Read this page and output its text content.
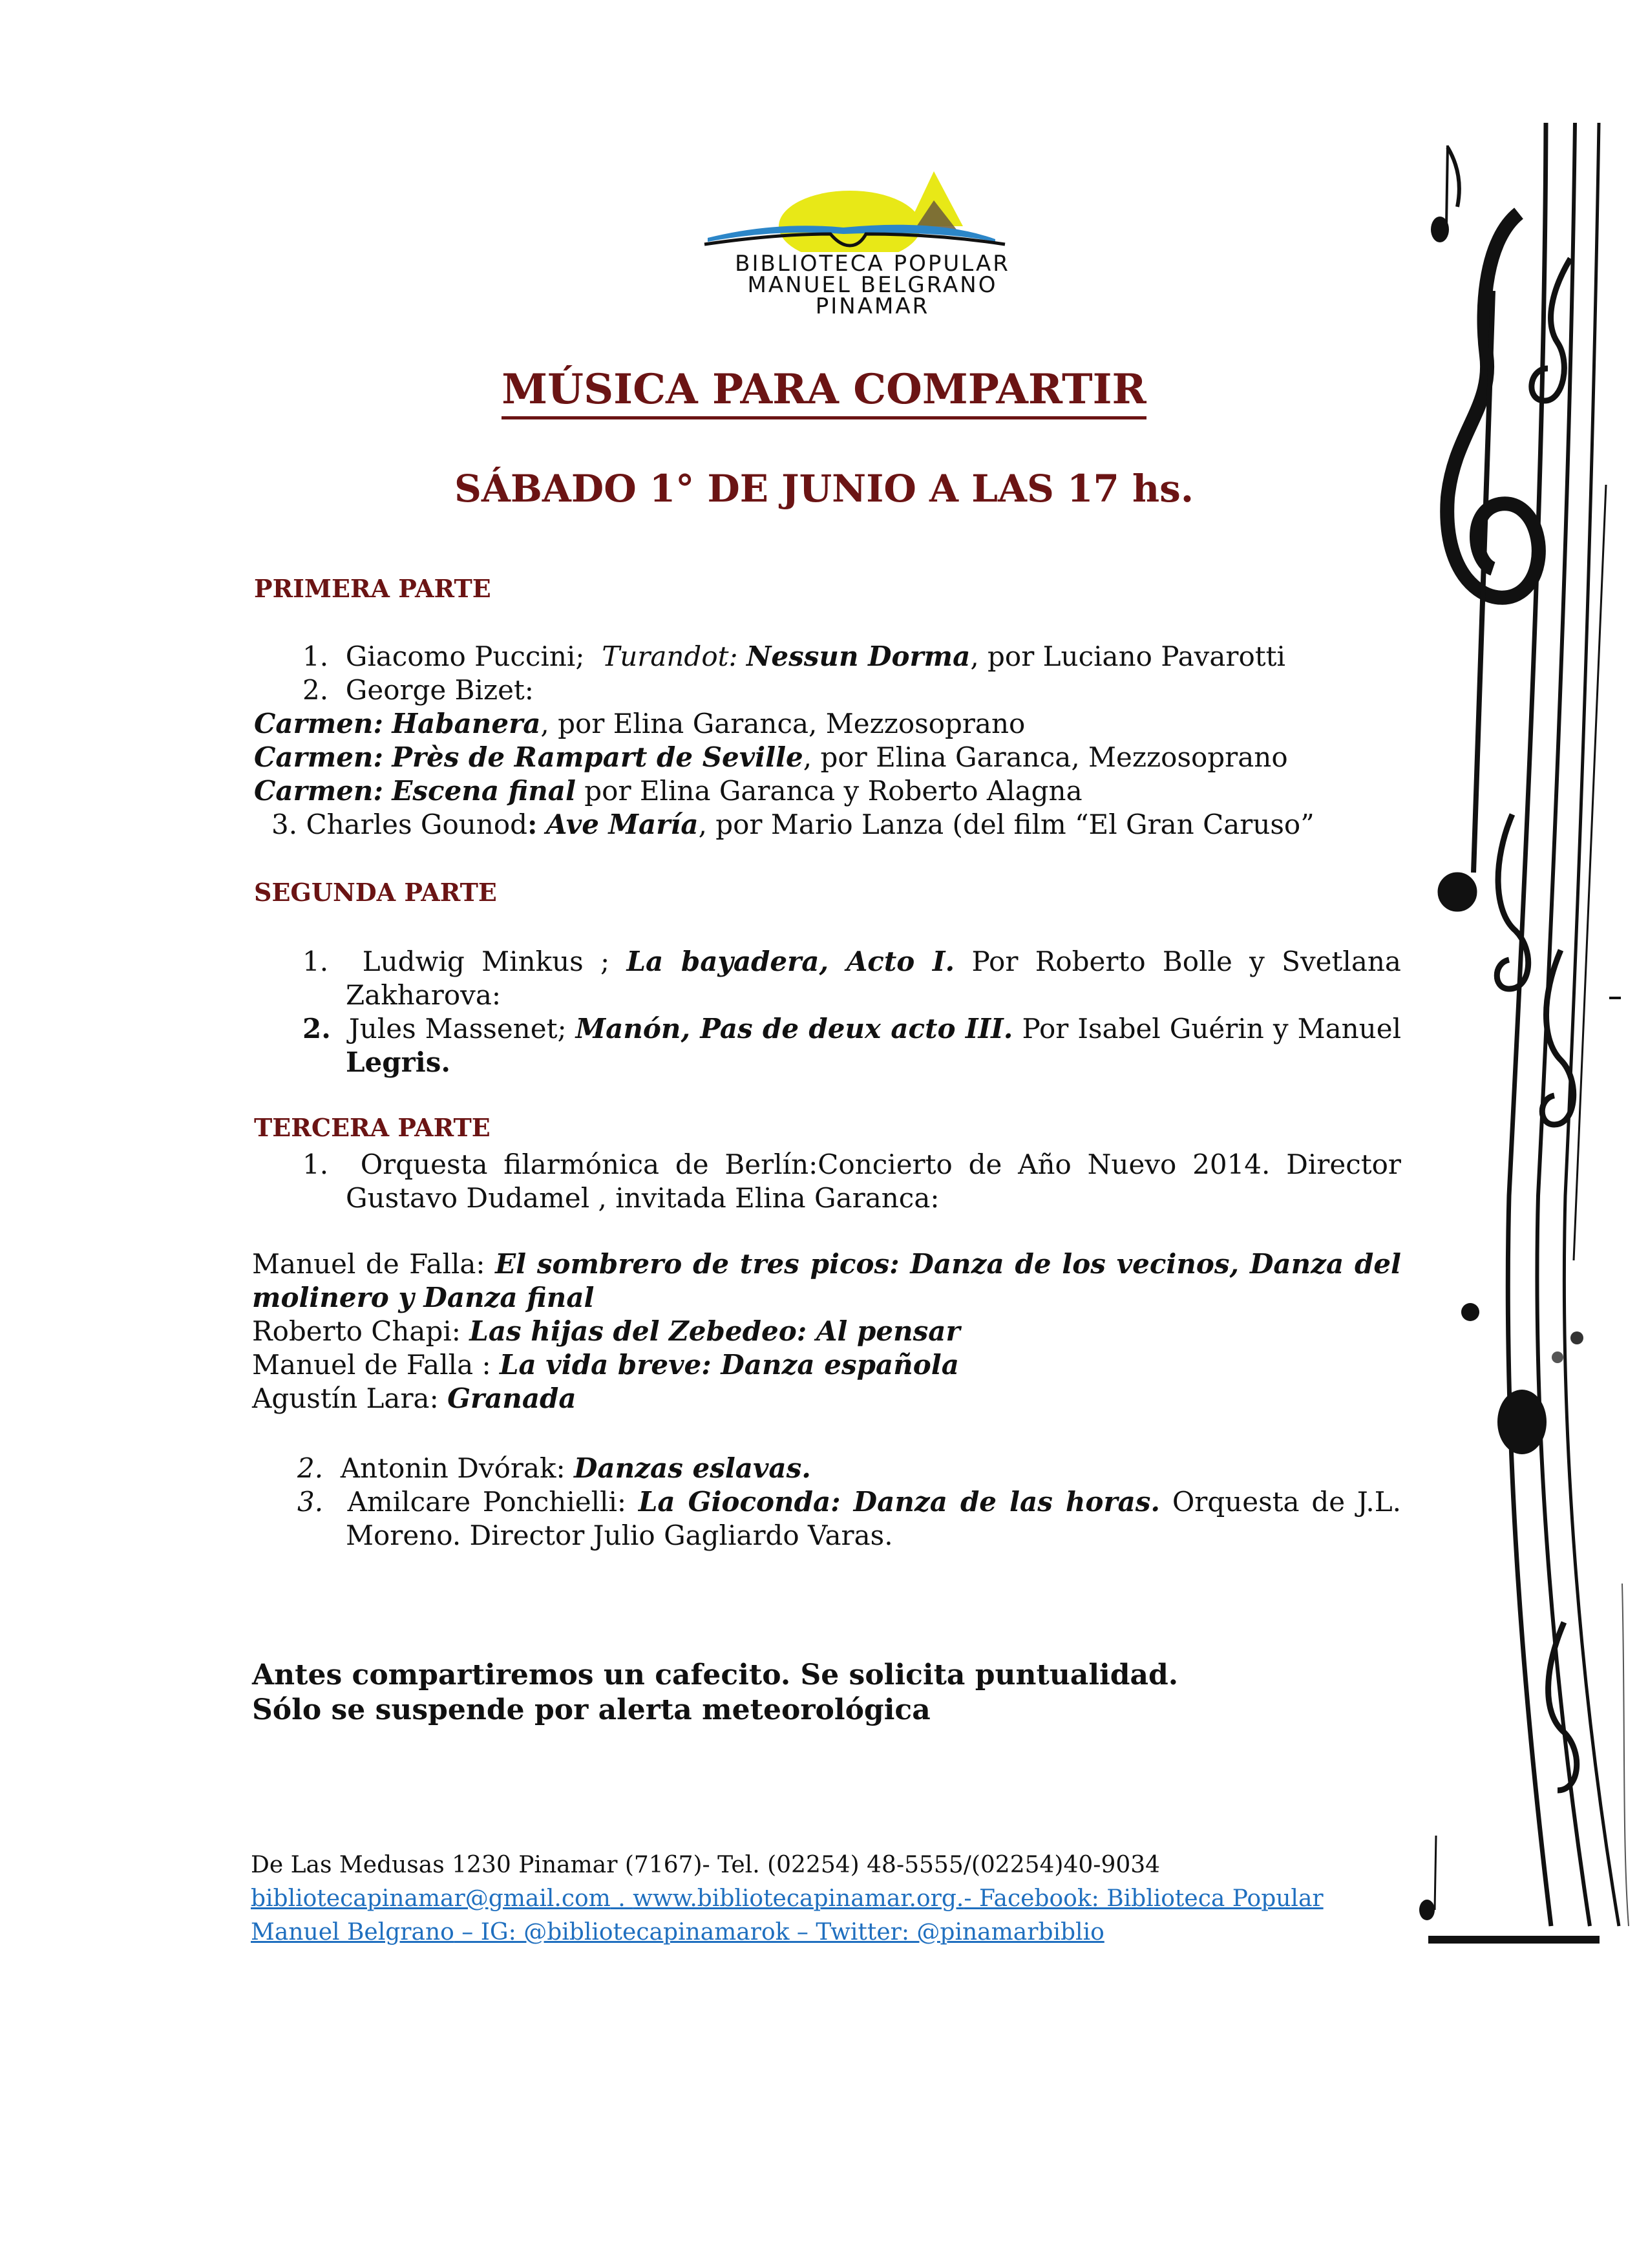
BIBLIOTECA POPULAR
MANUEL BELGRANO
PINAMAR
MÚSICA PARA COMPARTIR
SÁBADO 1° DE JUNIO A LAS 17 hs.
PRIMERA PARTE
1. Giacomo Puccini; Turandot: Nessun Dorma, por Luciano Pavarotti
2. George Bizet:
Carmen: Habanera, por Elina Garanca, Mezzosoprano
Carmen: Près de Rampart de Seville, por Elina Garanca, Mezzosoprano
Carmen: Escena final por Elina Garanca y Roberto Alagna
3. Charles Gounod: Ave María, por Mario Lanza (del film “El Gran Caruso”
SEGUNDA PARTE
1. Ludwig Minkus ; La bayadera, Acto I. Por Roberto Bolle y Svetlana
Zakharova:
2. Jules Massenet; Manón, Pas de deux acto III. Por Isabel Guérin y Manuel
Legris.
TERCERA PARTE
1. Orquesta filarmónica de Berlín:Concierto de Año Nuevo 2014. Director
Gustavo Dudamel , invitada Elina Garanca:
Manuel de Falla: El sombrero de tres picos: Danza de los vecinos, Danza del
molinero y Danza final
Roberto Chapi: Las hijas del Zebedeo: Al pensar
Manuel de Falla : La vida breve: Danza española
Agustín Lara: Granada
2. Antonin Dvórak: Danzas eslavas.
3. Amilcare Ponchielli: La Gioconda: Danza de las horas. Orquesta de J.L.
Moreno. Director Julio Gagliardo Varas.
Antes compartiremos un cafecito. Se solicita puntualidad.
Sólo se suspende por alerta meteorológica
De Las Medusas 1230 Pinamar (7167)- Tel. (02254) 48-5555/(02254)40-9034
bibliotecapinamar@gmail.com . www.bibliotecapinamar.org.- Facebook: Biblioteca Popular
Manuel Belgrano – IG: @bibliotecapinamarok – Twitter: @pinamarbiblio
